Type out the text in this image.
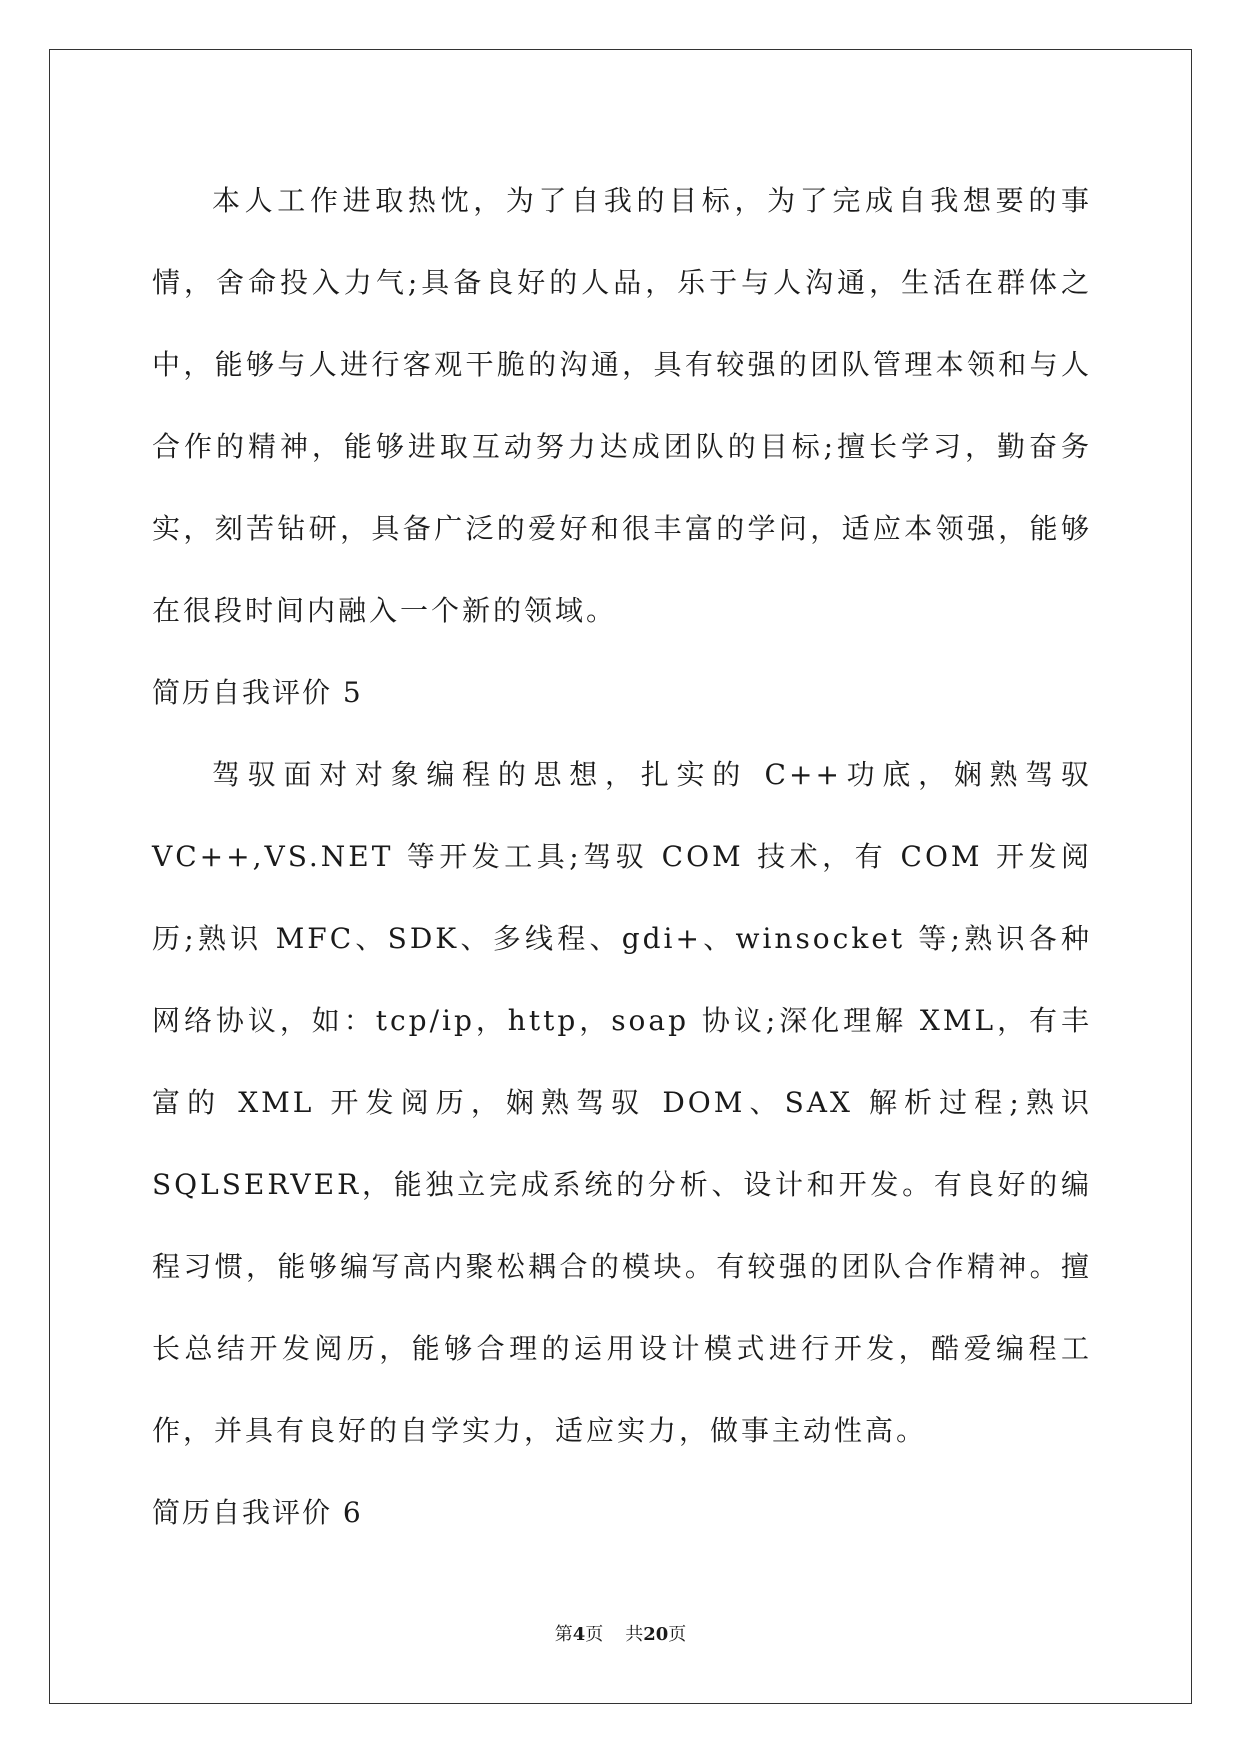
本人工作进取热忱，为了自我的目标，为了完成自我想要的事情，舍命投入力气;具备良好的人品，乐于与人沟通，生活在群体之中，能够与人进行客观干脆的沟通，具有较强的团队管理本领和与人合作的精神，能够进取互动努力达成团队的目标;擅长学习，勤奋务实，刻苦钻研，具备广泛的爱好和很丰富的学问，适应本领强，能够在很段时间内融入一个新的领域。

简历自我评价 5

驾驭面对对象编程的思想，扎实的 C++功底，娴熟驾驭 VC++,VS.NET 等开发工具;驾驭 COM 技术，有 COM 开发阅历;熟识 MFC、SDK、多线程、gdi+、winsocket 等;熟识各种网络协议，如：tcp/ip，http，soap 协议;深化理解 XML，有丰富的 XML 开发阅历，娴熟驾驭 DOM、SAX 解析过程;熟识 SQLSERVER，能独立完成系统的分析、设计和开发。有良好的编程习惯，能够编写高内聚松耦合的模块。有较强的团队合作精神。擅长总结开发阅历，能够合理的运用设计模式进行开发，酷爱编程工作，并具有良好的自学实力，适应实力，做事主动性高。

简历自我评价 6

第4页 共20页
